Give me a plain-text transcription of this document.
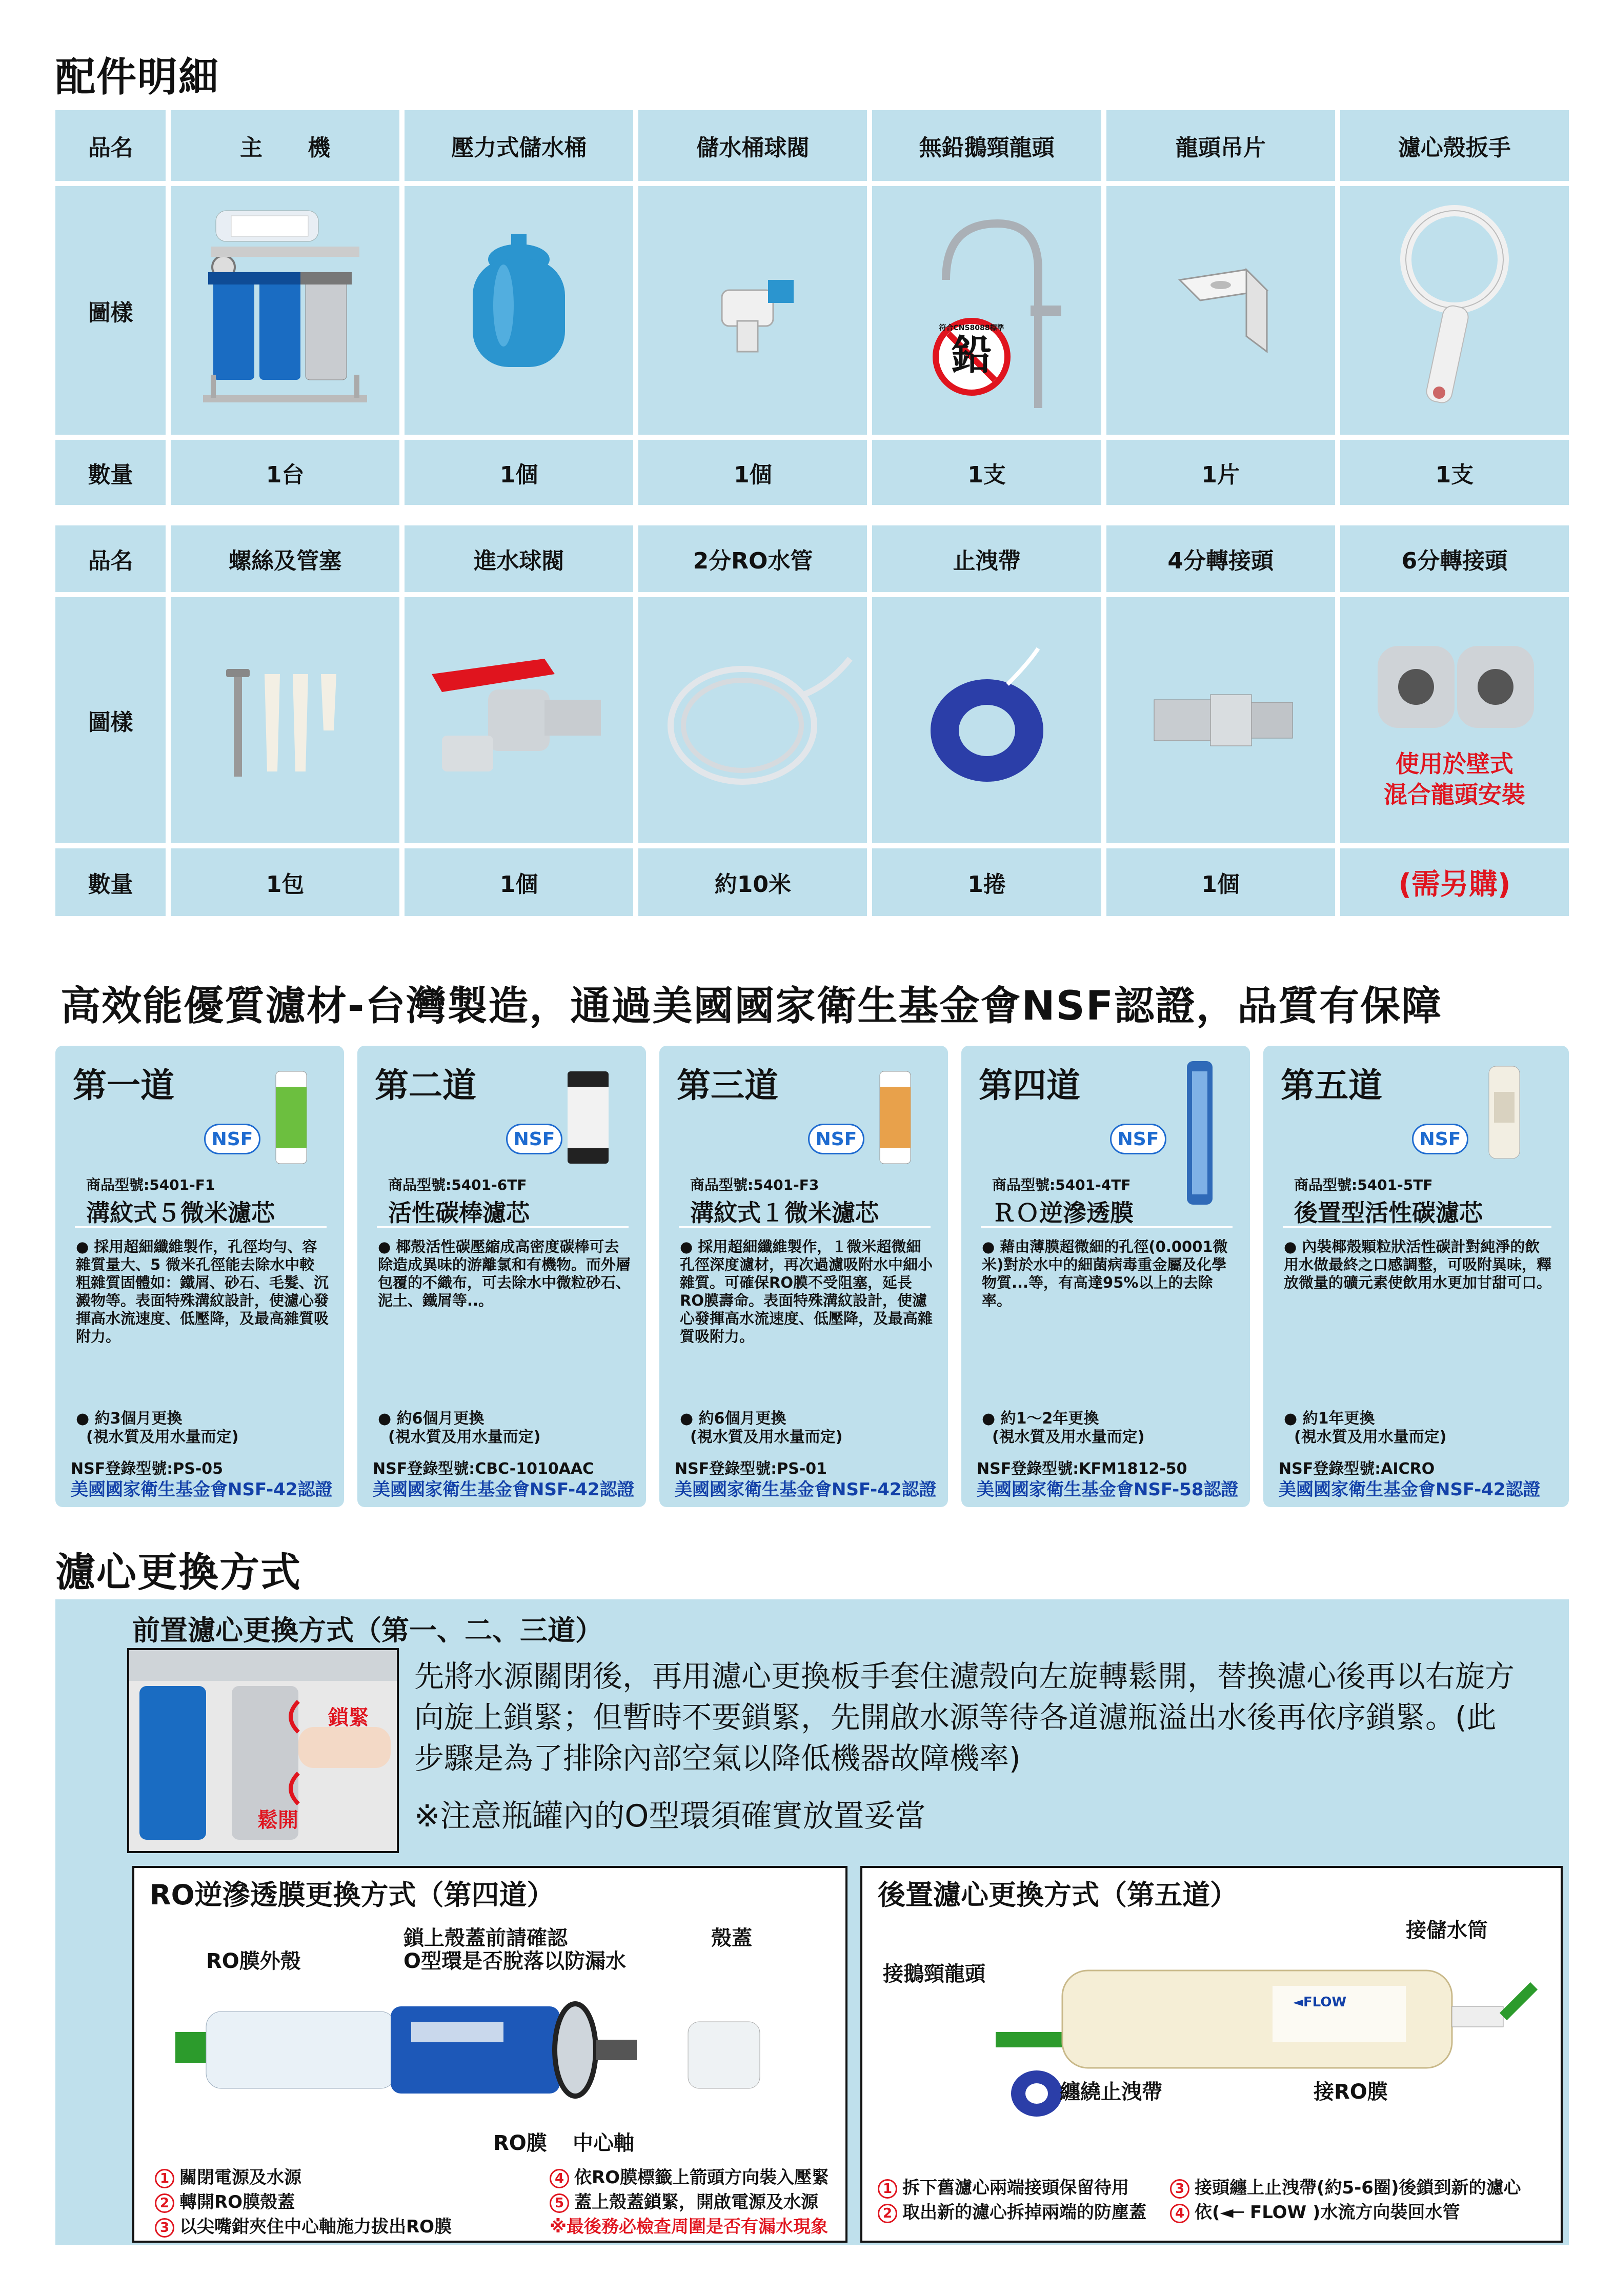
配件明細
品名	主　　機	壓力式儲水桶	儲水桶球閥	無鉛鵝頸龍頭	龍頭吊片	濾心殼扳手
圖樣
鉛
符合CNS8088標準
數量	1台	1個	1個	1支	1片	1支
品名	螺絲及管塞	進水球閥	2分RO水管	止洩帶	4分轉接頭	6分轉接頭
圖樣
使用於壁式
混合龍頭安裝
數量	1包	1個	約10米	1捲	1個	(需另購)
高效能優質濾材-台灣製造，通過美國國家衛生基金會NSF認證，品質有保障
第一道
NSF
商品型號:5401-F1
溝紋式５微米濾芯
● 採用超細纖維製作，孔徑均勻、容雜質量大、5 微米孔徑能去除水中較粗雜質固體如：鐵屑、砂石、毛髮、沉澱物等。表面特殊溝紋設計，使濾心發揮高水流速度、低壓降，及最高雜質吸附力。
● 約3個月更換
(視水質及用水量而定)
NSF登錄型號:PS-05
美國國家衛生基金會NSF-42認證
第二道
NSF
商品型號:5401-6TF
活性碳棒濾芯
● 椰殼活性碳壓縮成高密度碳棒可去除造成異味的游離氯和有機物。而外層包覆的不織布，可去除水中微粒砂石、泥土、鐵屑等..。
● 約6個月更換
(視水質及用水量而定)
NSF登錄型號:CBC-1010AAC
美國國家衛生基金會NSF-42認證
第三道
NSF
商品型號:5401-F3
溝紋式１微米濾芯
● 採用超細纖維製作，１微米超微細孔徑深度濾材，再次過濾吸附水中細小雜質。可確保RO膜不受阻塞，延長RO膜壽命。表面特殊溝紋設計，使濾心發揮高水流速度、低壓降，及最高雜質吸附力。
● 約6個月更換
(視水質及用水量而定)
NSF登錄型號:PS-01
美國國家衛生基金會NSF-42認證
第四道
NSF
商品型號:5401-4TF
ＲＯ逆滲透膜
● 藉由薄膜超微細的孔徑(0.0001微米)對於水中的細菌病毒重金屬及化學物質...等，有高達95%以上的去除率。
● 約1～2年更換
(視水質及用水量而定)
NSF登錄型號:KFM1812-50
美國國家衛生基金會NSF-58認證
第五道
NSF
商品型號:5401-5TF
後置型活性碳濾芯
● 內裝椰殼顆粒狀活性碳計對純淨的飲用水做最終之口感調整，可吸附異味，釋放微量的礦元素使飲用水更加甘甜可口。
● 約1年更換
(視水質及用水量而定)
NSF登錄型號:AICRO
美國國家衛生基金會NSF-42認證
濾心更換方式
前置濾心更換方式（第一、二、三道）
鎖緊
鬆開
先將水源關閉後，再用濾心更換板手套住濾殼向左旋轉鬆開，替換濾心後再以右旋方向旋上鎖緊；但暫時不要鎖緊，先開啟水源等待各道濾瓶溢出水後再依序鎖緊。(此步驟是為了排除內部空氣以降低機器故障機率)
※注意瓶罐內的O型環須確實放置妥當
RO逆滲透膜更換方式（第四道）
RO膜外殼
鎖上殼蓋前請確認
O型環是否脫落以防漏水
殼蓋
RO膜 中心軸
1 關閉電源及水源
2 轉開RO膜殼蓋
3 以尖嘴鉗夾住中心軸施力拔出RO膜
4 依RO膜標籤上箭頭方向裝入壓緊
5 蓋上殼蓋鎖緊，開啟電源及水源
※最後務必檢查周圍是否有漏水現象
後置濾心更換方式（第五道）
接儲水筒
接鵝頸龍頭
◄FLOW
纏繞止洩帶	接RO膜
1 拆下舊濾心兩端接頭保留待用
2 取出新的濾心拆掉兩端的防塵蓋
3 接頭纏上止洩帶(約5-6圈)後鎖到新的濾心
4 依(◄─ FLOW )水流方向裝回水管
